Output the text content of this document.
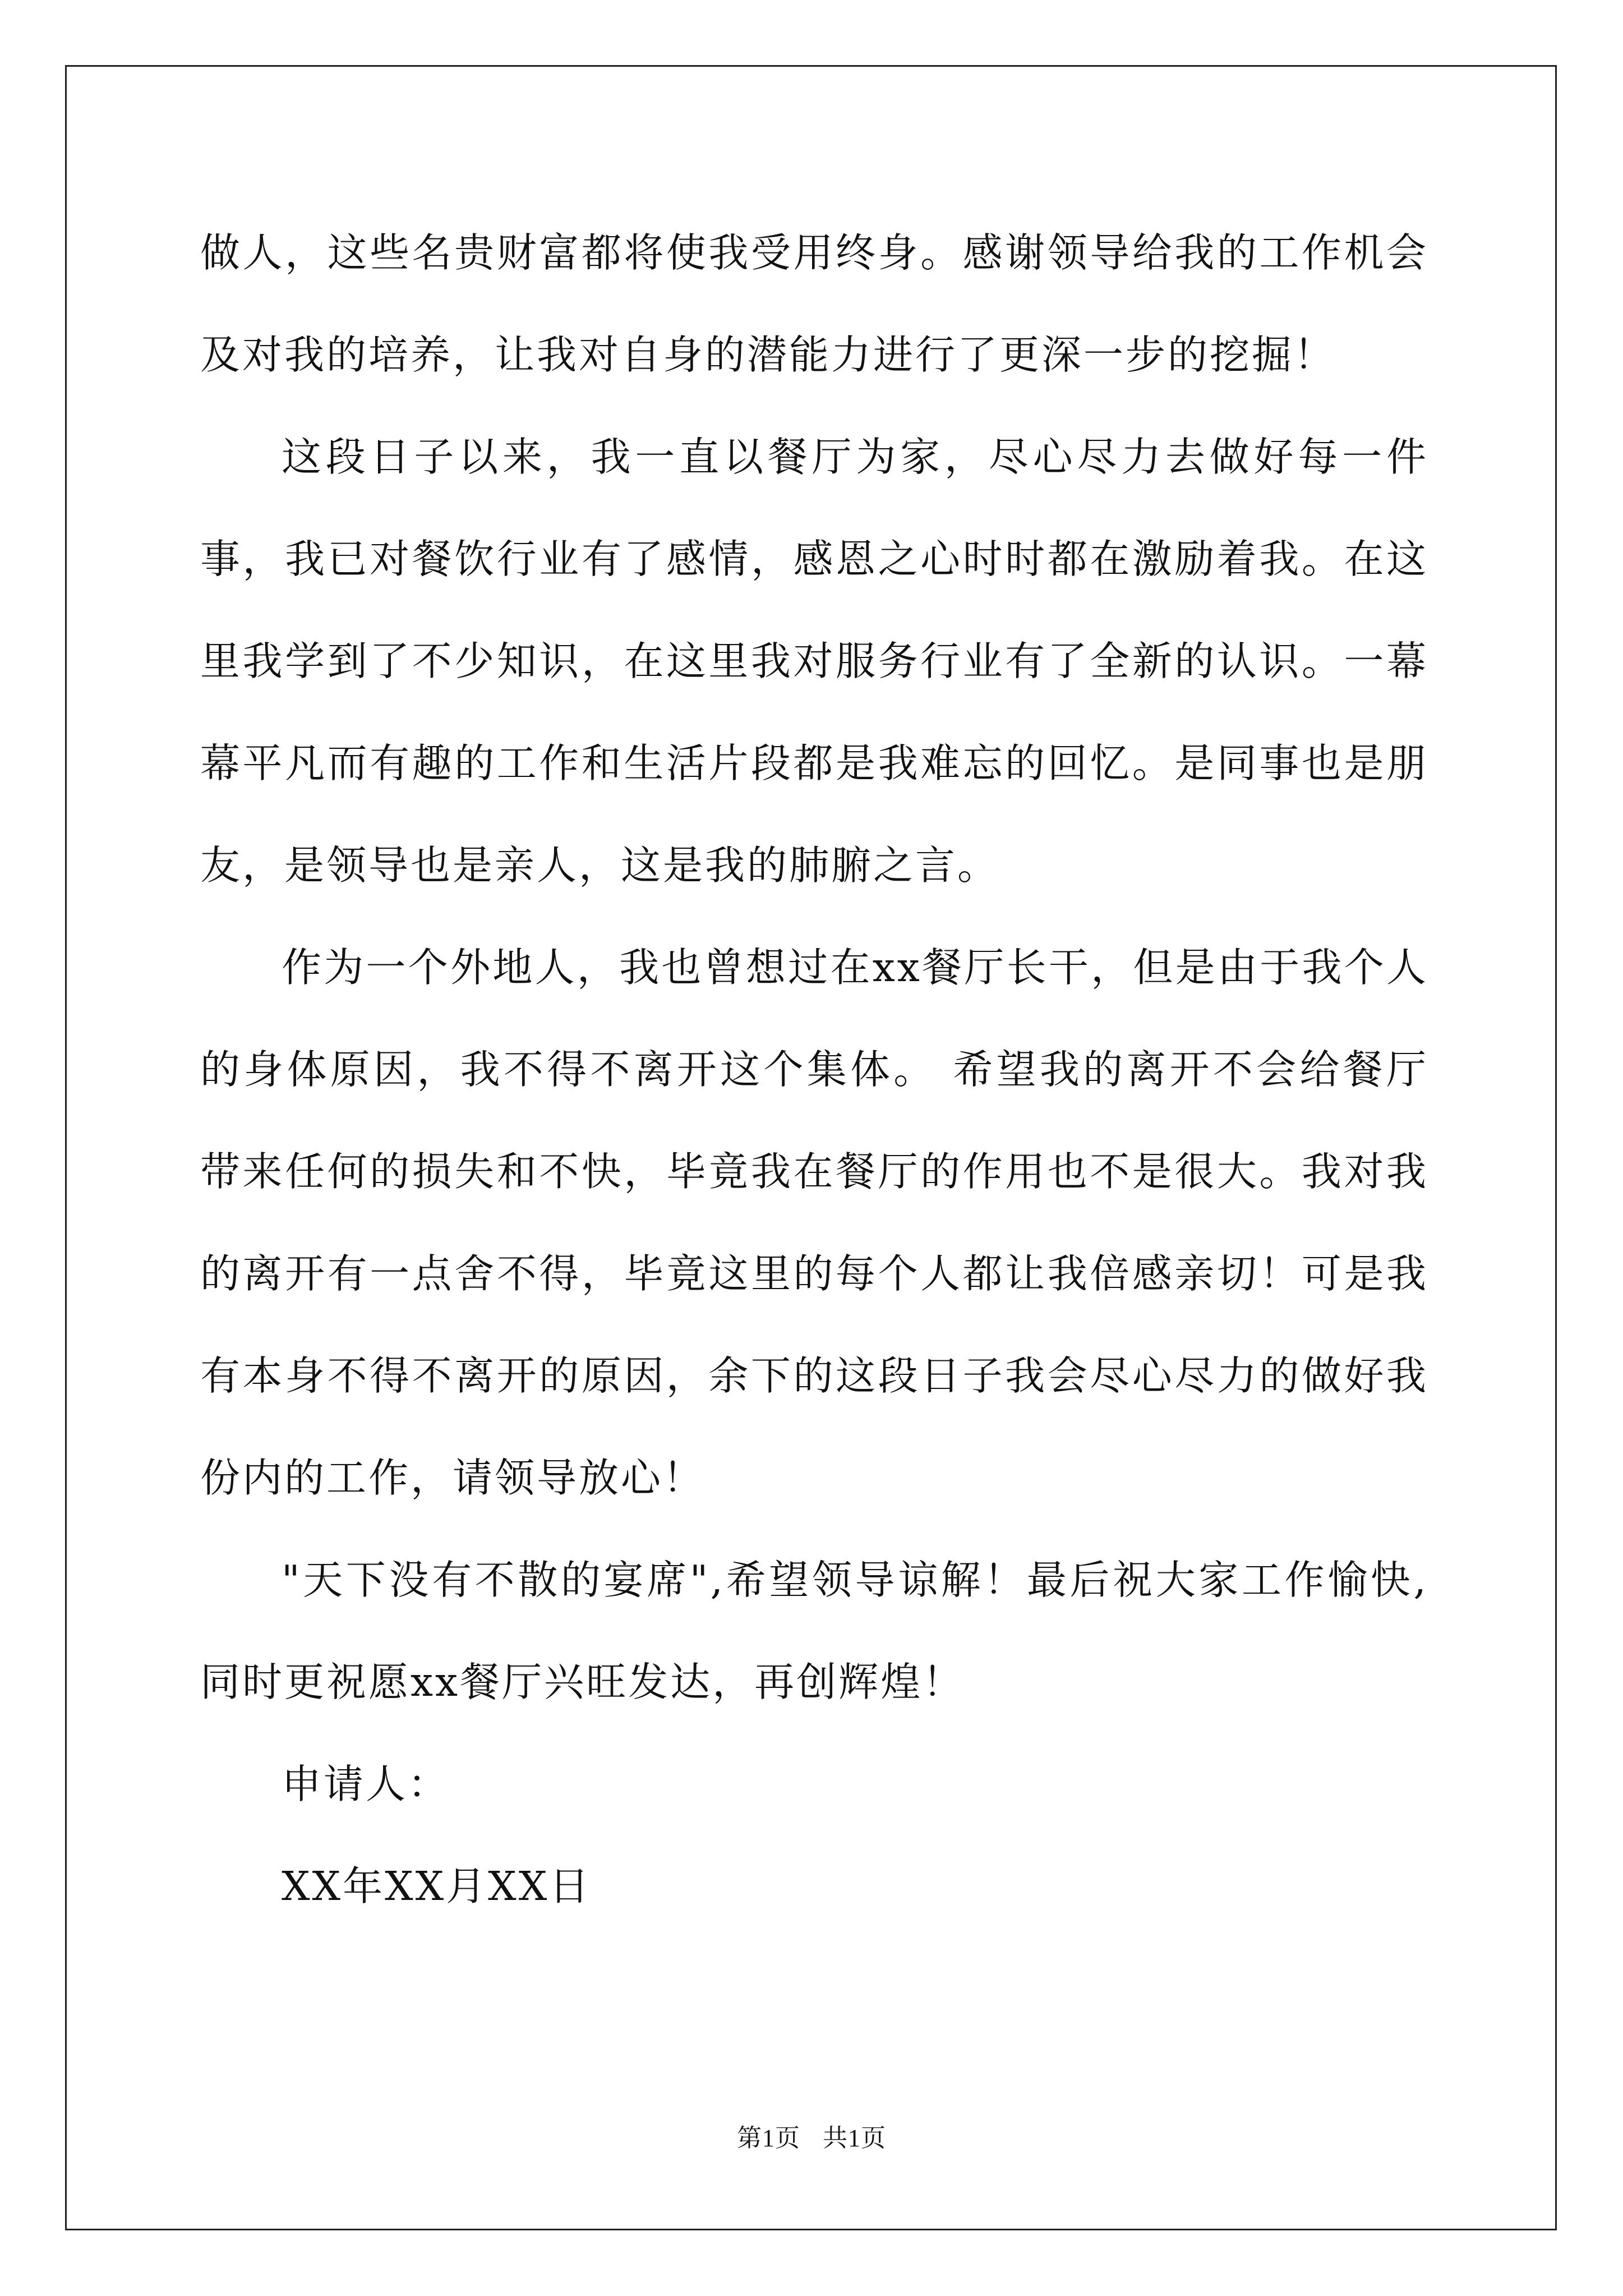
做人，这些名贵财富都将使我受用终身。感谢领导给我的工作机会及对我的培养，让我对自身的潜能力进行了更深一步的挖掘！

这段日子以来，我一直以餐厅为家，尽心尽力去做好每一件事，我已对餐饮行业有了感情，感恩之心时时都在激励着我。在这里我学到了不少知识，在这里我对服务行业有了全新的认识。一幕幕平凡而有趣的工作和生活片段都是我难忘的回忆。是同事也是朋友，是领导也是亲人，这是我的肺腑之言。

作为一个外地人，我也曾想过在xx餐厅长干，但是由于我个人的身体原因，我不得不离开这个集体。 希望我的离开不会给餐厅带来任何的损失和不快，毕竟我在餐厅的作用也不是很大。我对我的离开有一点舍不得，毕竟这里的每个人都让我倍感亲切！可是我有本身不得不离开的原因，余下的这段日子我会尽心尽力的做好我份内的工作，请领导放心！

"天下没有不散的宴席",希望领导谅解！最后祝大家工作愉快,同时更祝愿xx餐厅兴旺发达，再创辉煌！

申请人：

XX年XX月XX日

第1页 共1页
